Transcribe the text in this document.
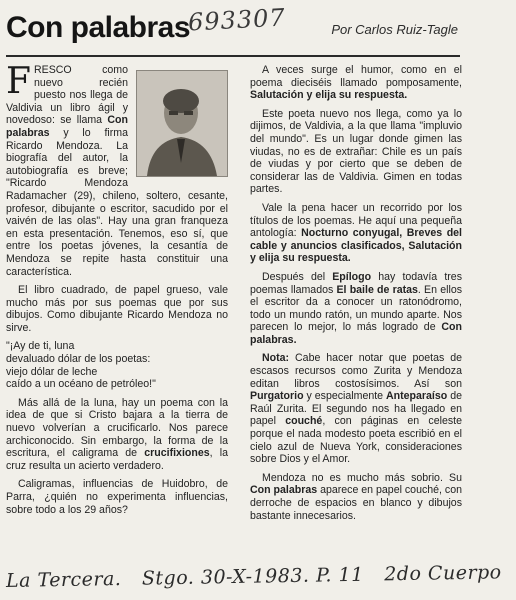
Con palabras
693307	Por Carlos Ruiz-Tagle

FRESCO como nuevo recién puesto nos llega de Valdivia un libro ágil y novedoso: se llama Con palabras y lo firma Ricardo Mendoza. La biografía del autor, la autobiografía es breve; "Ricardo Mendoza Radamacher (29), chileno, soltero, cesante, profesor, dibujante o escritor, sacudido por el vaivén de las olas". Hay una gran franqueza en esta presentación. Tenemos, eso sí, que entre los poetas jóvenes, la cesantía de Mendoza se repite hasta constituir una característica.

El libro cuadrado, de papel grueso, vale mucho más por sus poemas que por sus dibujos. Como dibujante Ricardo Mendoza no sirve.

"¡Ay de ti, luna
devaluado dólar de los poetas:
viejo dólar de leche
caído a un océano de petróleo!"

Más allá de la luna, hay un poema con la idea de que si Cristo bajara a la tierra de nuevo volverían a crucificarlo. Nos parece archiconocido. Sin embargo, la forma de la escritura, el caligrama de crucifixiones, la cruz resulta un acierto verdadero.

Caligramas, influencias de Huidobro, de Parra, ¿quién no experimenta influencias, sobre todo a los 29 años?

A veces surge el humor, como en el poema dieciséis llamado pomposamente, Salutación y elija su respuesta.

Este poeta nuevo nos llega, como ya lo dijimos, de Valdivia, a la que llama "impluvio del mundo". Es un lugar donde gimen las viudas, no es de extrañar: Chile es un país de viudas y por cierto que se deben de considerar las de Valdivia. Gimen en todas partes.

Vale la pena hacer un recorrido por los títulos de los poemas. He aquí una pequeña antología: Nocturno conyugal, Breves del cable y anuncios clasificados, Salutación y elija su respuesta.

Después del Epílogo hay todavía tres poemas llamados El baile de ratas. En ellos el escritor da a conocer un ratonódromo, todo un mundo ratón, un mundo aparte. Nos parecen lo mejor, lo más logrado de Con palabras.

Nota: Cabe hacer notar que poetas de escasos recursos como Zurita y Mendoza editan libros costosísimos. Así son Purgatorio y especialmente Anteparaíso de Raúl Zurita. El segundo nos ha llegado en papel couché, con páginas en celeste porque el nada modesto poeta escribió en el cielo azul de Nueva York, consideraciones sobre Dios y el Amor.

Mendoza no es mucho más sobrio. Su Con palabras aparece en papel couché, con derroche de espacios en blanco y dibujos bastante innecesarios.

La Tercera. Stgo. 30-X-1983. P. 11 2do Cuerpo
